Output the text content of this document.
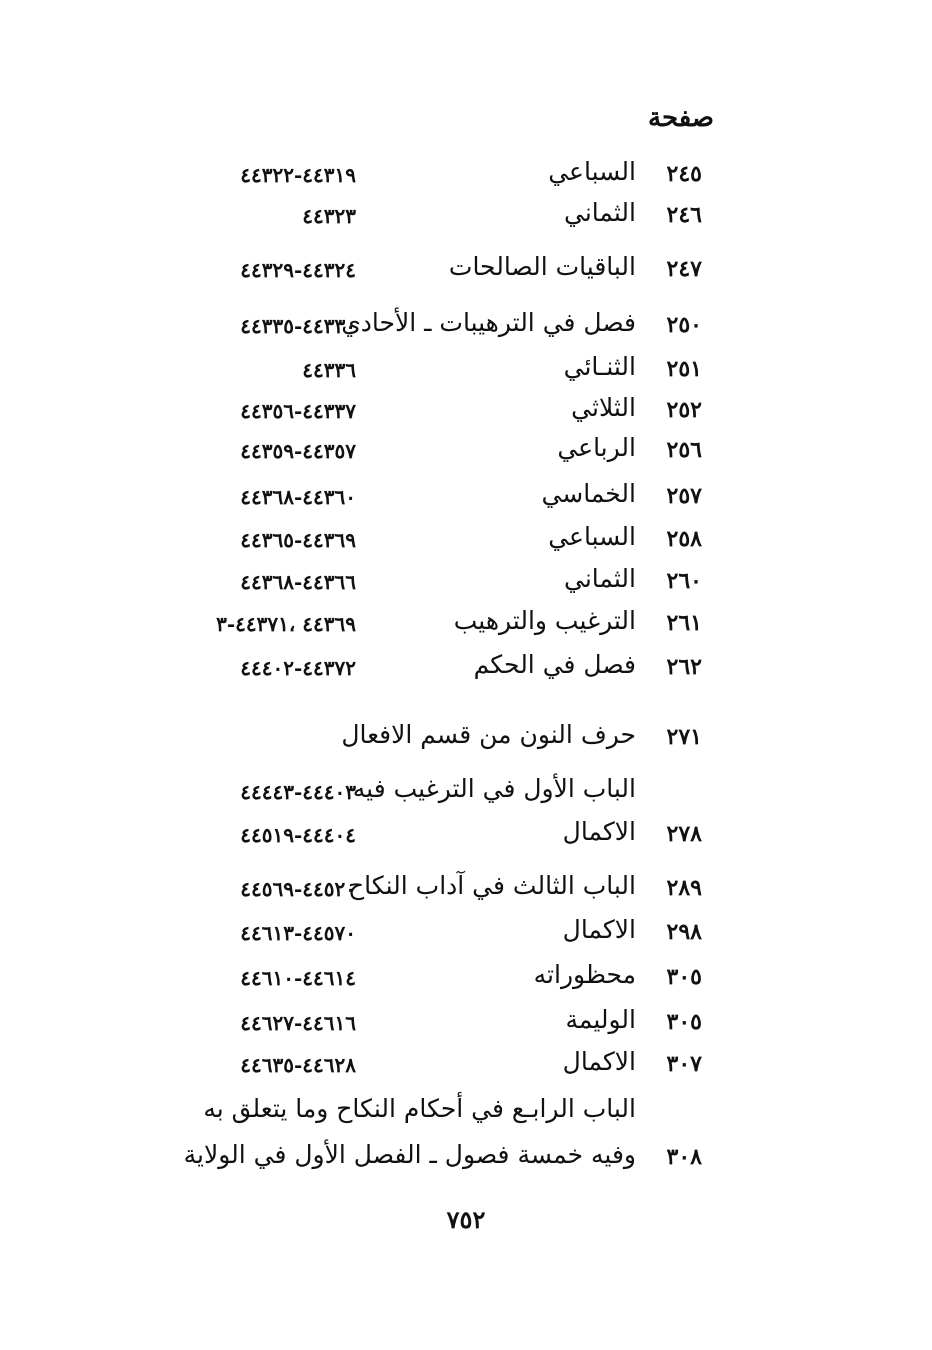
صفحة
٢٤٥
السباعي
٤٤٣١٩-٤٤٣٢٢
٢٤٦
الثماني
٤٤٣٢٣
٢٤٧
الباقيات الصالحات
٤٤٣٢٤-٤٤٣٢٩
٢٥٠
فصل في الترهيبات ـ الأحادي
٤٤٣٣٠-٤٤٣٣٥
٢٥١
الثنـائي
٤٤٣٣٦
٢٥٢
الثلاثي
٤٤٣٣٧-٤٤٣٥٦
٢٥٦
الرباعي
٤٤٣٥٧-٤٤٣٥٩
٢٥٧
الخماسي
٤٤٣٦٠-٤٤٣٦٨
٢٥٨
السباعي
٤٤٣٦٩-٤٤٣٦٥
٢٦٠
الثماني
٤٤٣٦٦-٤٤٣٦٨
٢٦١
الترغيب والترهيب
٤٤٣٦٩ ،٤٤٣٧١-٣
٢٦٢
فصل في الحكم
٤٤٣٧٢-٤٤٤٠٢
٢٧١
حرف النون من قسم الافعال
الباب الأول في الترغيب فيه
٤٤٤٠٣-٤٤٤٤٣
٢٧٨
الاكمال
٤٤٤٠٤-٤٤٥١٩
٢٨٩
الباب الثالث في آداب النكاح
٤٤٥٢٠-٤٤٥٦٩
٢٩٨
الاكمال
٤٤٥٧٠-٤٤٦١٣
٣٠٥
محظوراته
٤٤٦١٤-٤٤٦١٠
٣٠٥
الوليمة
٤٤٦١٦-٤٤٦٢٧
٣٠٧
الاكمال
٤٤٦٢٨-٤٤٦٣٥
الباب الرابـع في أحكام النكاح وما يتعلق به
٣٠٨
وفيه خمسة فصول ـ الفصل الأول في الولاية
٧٥٢
